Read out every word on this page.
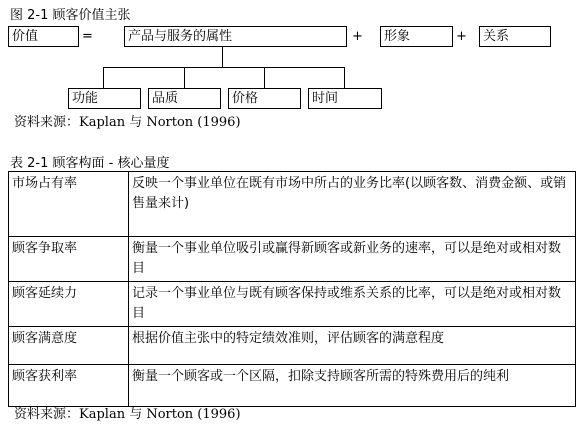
图 2-1 顾客价值主张
价值	=	产品与服务的属性	+	形象	+	关系
功能	品质	价格	时间
资料来源：Kaplan 与 Norton (1996)
表 2-1 顾客构面 - 核心量度
市场占有率	反映一个事业单位在既有市场中所占的业务比率(以顾客数、消费金额、或销售量来计)
顾客争取率	衡量一个事业单位吸引或赢得新顾客或新业务的速率，可以是绝对或相对数目
顾客延续力	记录一个事业单位与既有顾客保持或维系关系的比率，可以是绝对或相对数目
顾客满意度	根据价值主张中的特定绩效准则，评估顾客的满意程度
顾客获利率	衡量一个顾客或一个区隔，扣除支持顾客所需的特殊费用后的纯利
资料来源：Kaplan 与 Norton (1996)
